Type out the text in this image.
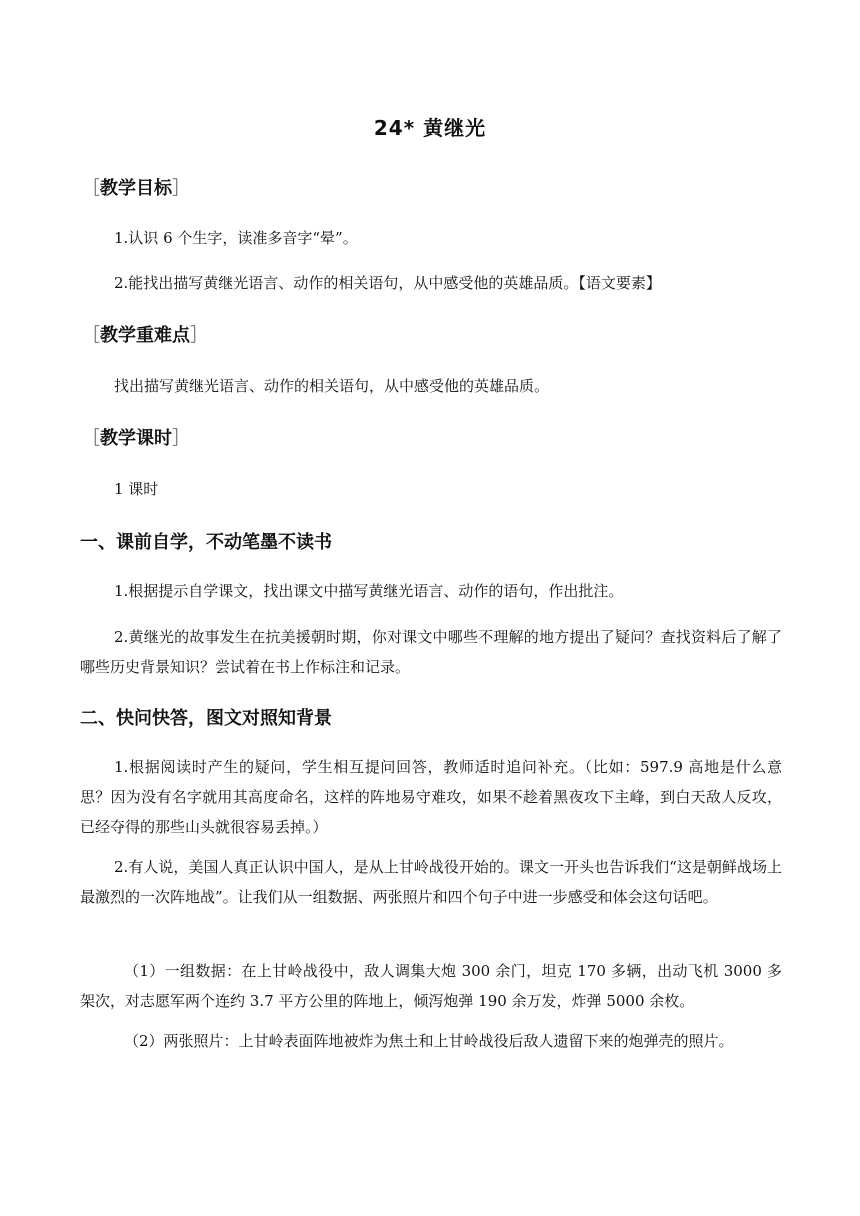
24* 黄继光
［教学目标］
1.认识 6 个生字，读准多音字“晕”。
2.能找出描写黄继光语言、动作的相关语句，从中感受他的英雄品质。【语文要素】
［教学重难点］
找出描写黄继光语言、动作的相关语句，从中感受他的英雄品质。
［教学课时］
1 课时
一、课前自学，不动笔墨不读书
1.根据提示自学课文，找出课文中描写黄继光语言、动作的语句，作出批注。
2.黄继光的故事发生在抗美援朝时期，你对课文中哪些不理解的地方提出了疑问？查找资料后了解了哪些历史背景知识？尝试着在书上作标注和记录。
二、快问快答，图文对照知背景
1.根据阅读时产生的疑问，学生相互提问回答，教师适时追问补充。（比如：597.9 高地是什么意思？因为没有名字就用其高度命名，这样的阵地易守难攻，如果不趁着黑夜攻下主峰，到白天敌人反攻，已经夺得的那些山头就很容易丢掉。）
2.有人说，美国人真正认识中国人，是从上甘岭战役开始的。课文一开头也告诉我们“这是朝鲜战场上最激烈的一次阵地战”。让我们从一组数据、两张照片和四个句子中进一步感受和体会这句话吧。
（1）一组数据：在上甘岭战役中，敌人调集大炮 300 余门，坦克 170 多辆，出动飞机 3000 多架次，对志愿军两个连约 3.7 平方公里的阵地上，倾泻炮弹 190 余万发，炸弹 5000 余枚。
（2）两张照片：上甘岭表面阵地被炸为焦土和上甘岭战役后敌人遗留下来的炮弹壳的照片。
